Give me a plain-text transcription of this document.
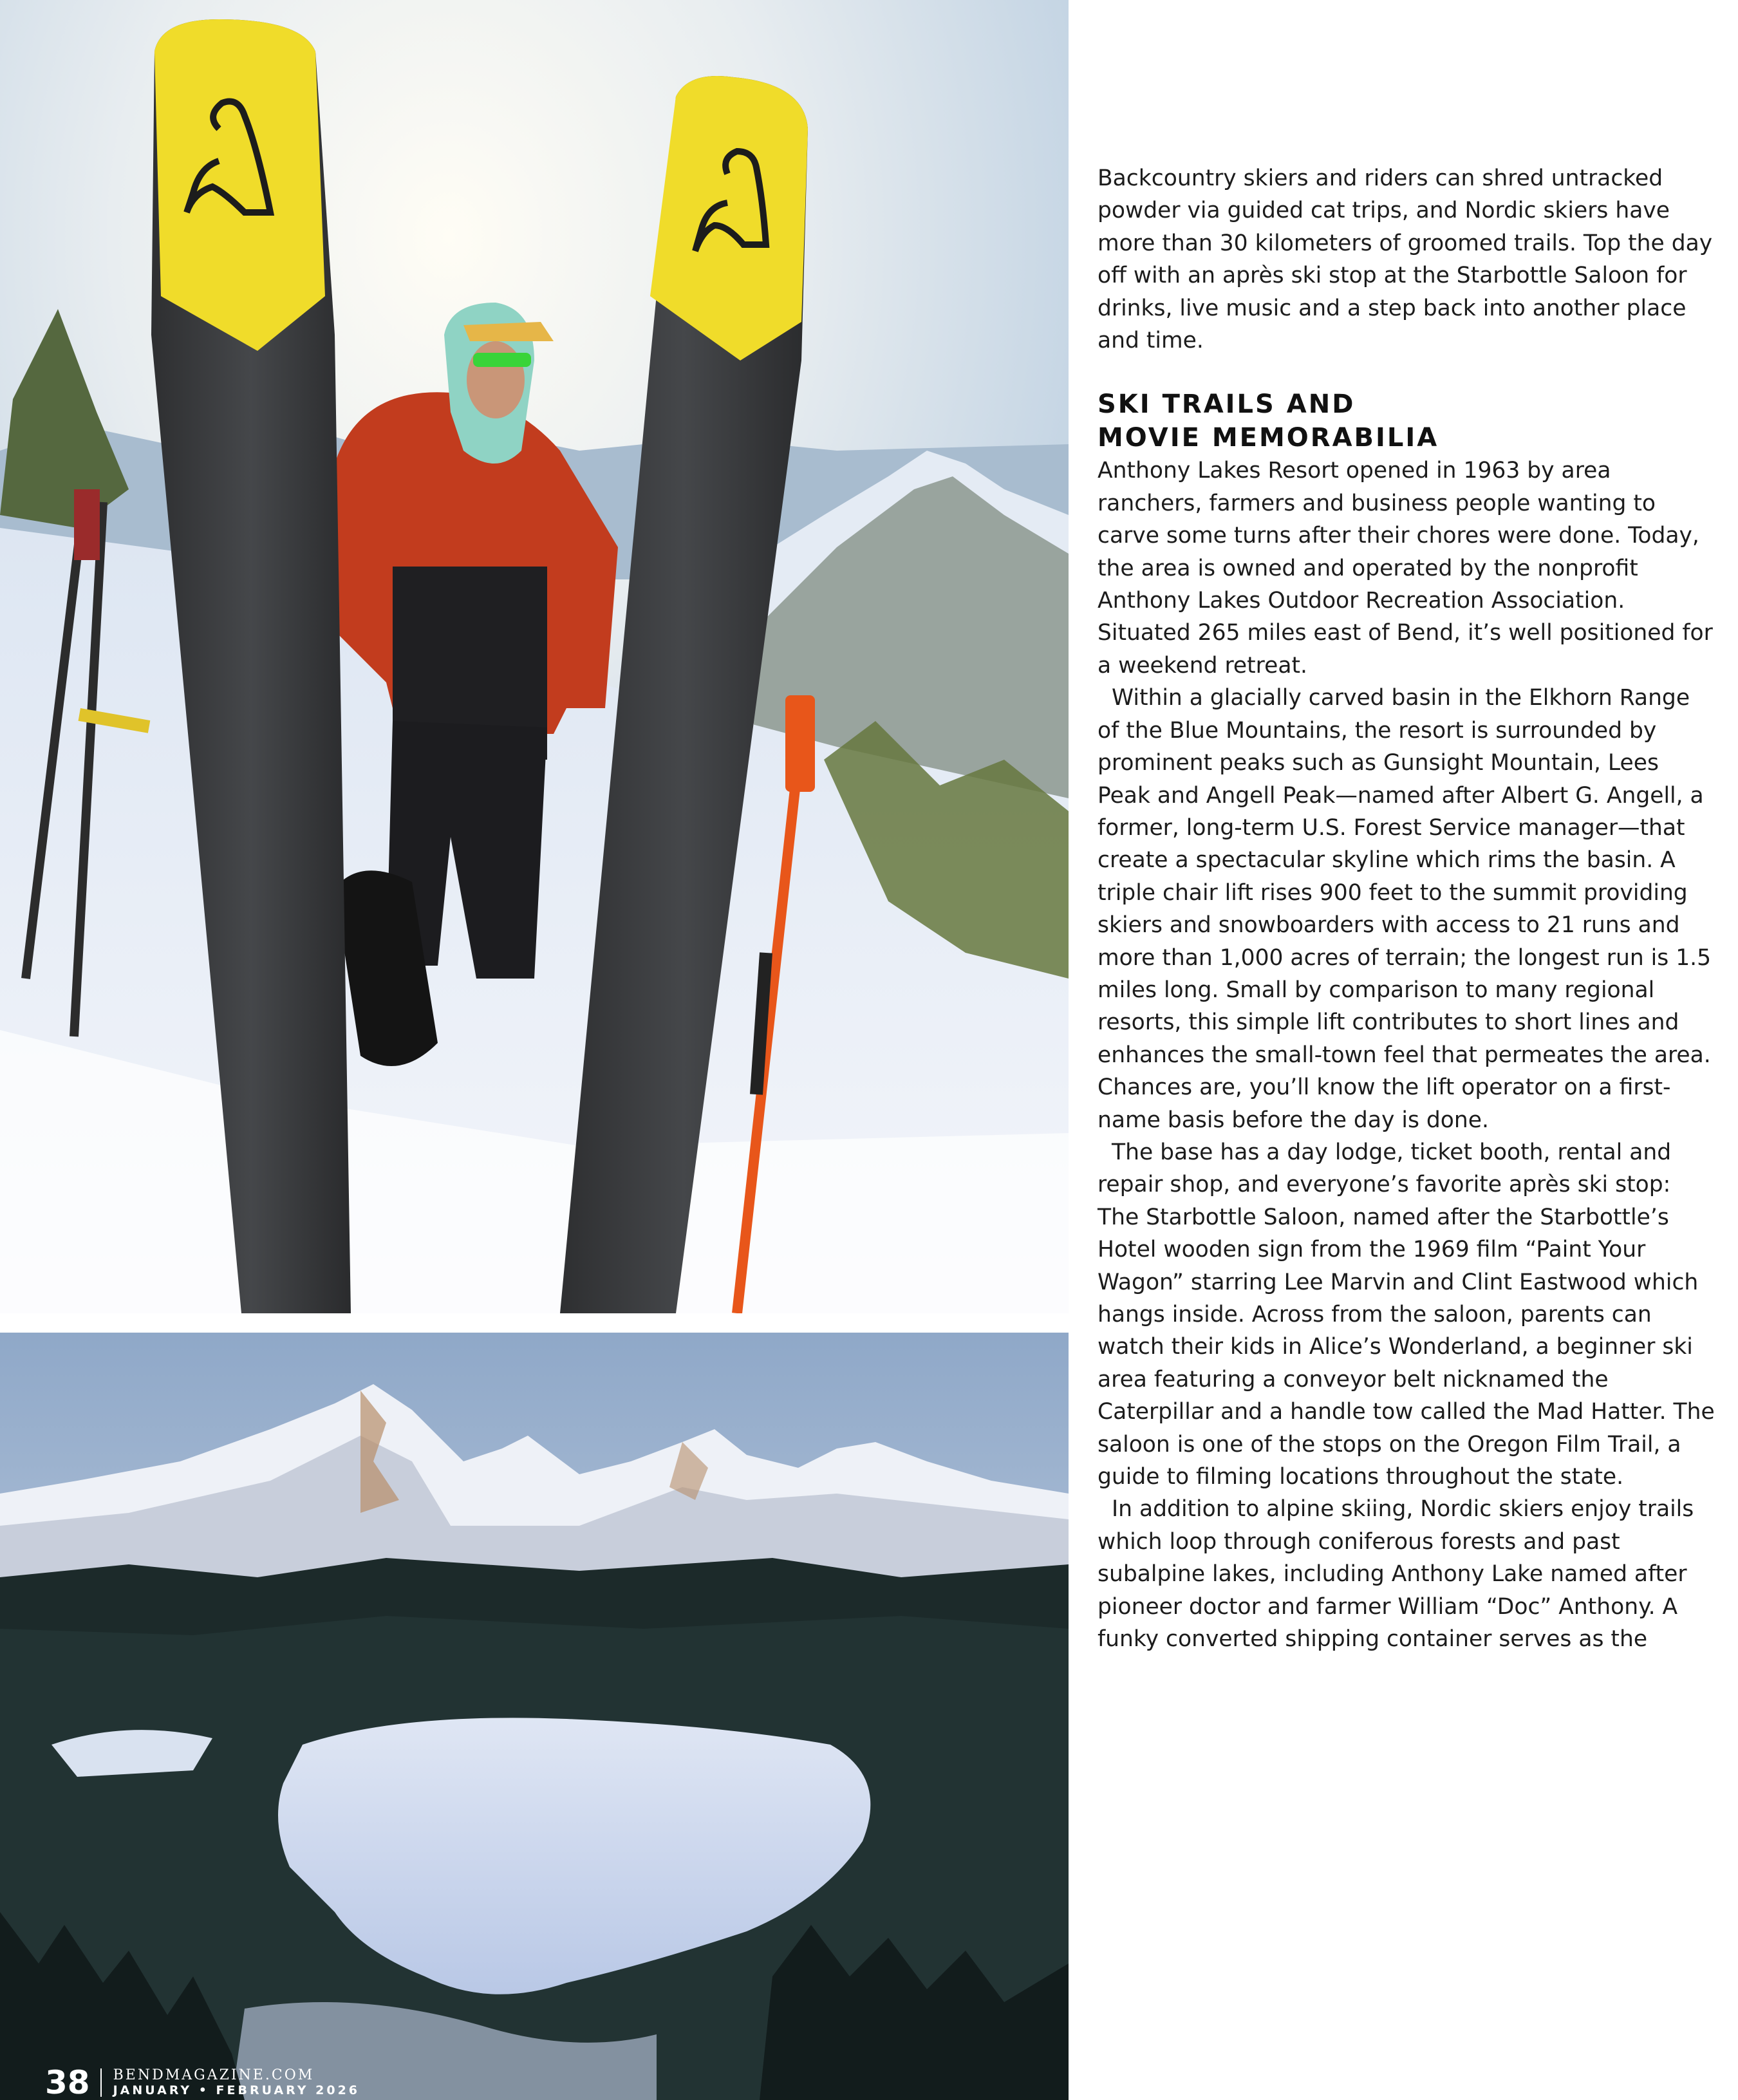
38 BENDMAGAZINE.COM
JANUARY • FEBRUARY 2026

Backcountry skiers and riders can shred untracked powder via guided cat trips, and Nordic skiers have more than 30 kilometers of groomed trails. Top the day off with an après ski stop at the Starbottle Saloon for drinks, live music and a step back into another place and time.

SKI TRAILS AND
MOVIE MEMORABILIA

Anthony Lakes Resort opened in 1963 by area ranchers, farmers and business people wanting to carve some turns after their chores were done. Today, the area is owned and operated by the nonprofit Anthony Lakes Outdoor Recreation Association. Situated 265 miles east of Bend, it’s well positioned for a weekend retreat.

Within a glacially carved basin in the Elkhorn Range of the Blue Mountains, the resort is surrounded by prominent peaks such as Gunsight Mountain, Lees Peak and Angell Peak—named after Albert G. Angell, a former, long-term U.S. Forest Service manager—that create a spectacular skyline which rims the basin. A triple chair lift rises 900 feet to the summit providing skiers and snowboarders with access to 21 runs and more than 1,000 acres of terrain; the longest run is 1.5 miles long. Small by comparison to many regional resorts, this simple lift contributes to short lines and enhances the small-town feel that permeates the area. Chances are, you’ll know the lift operator on a first-name basis before the day is done.

The base has a day lodge, ticket booth, rental and repair shop, and everyone’s favorite après ski stop: The Starbottle Saloon, named after the Starbottle’s Hotel wooden sign from the 1969 film “Paint Your Wagon” starring Lee Marvin and Clint Eastwood which hangs inside. Across from the saloon, parents can watch their kids in Alice’s Wonderland, a beginner ski area featuring a conveyor belt nicknamed the Caterpillar and a handle tow called the Mad Hatter. The saloon is one of the stops on the Oregon Film Trail, a guide to filming locations throughout the state.

In addition to alpine skiing, Nordic skiers enjoy trails which loop through coniferous forests and past subalpine lakes, including Anthony Lake named after pioneer doctor and farmer William “Doc” Anthony. A funky converted shipping container serves as the
